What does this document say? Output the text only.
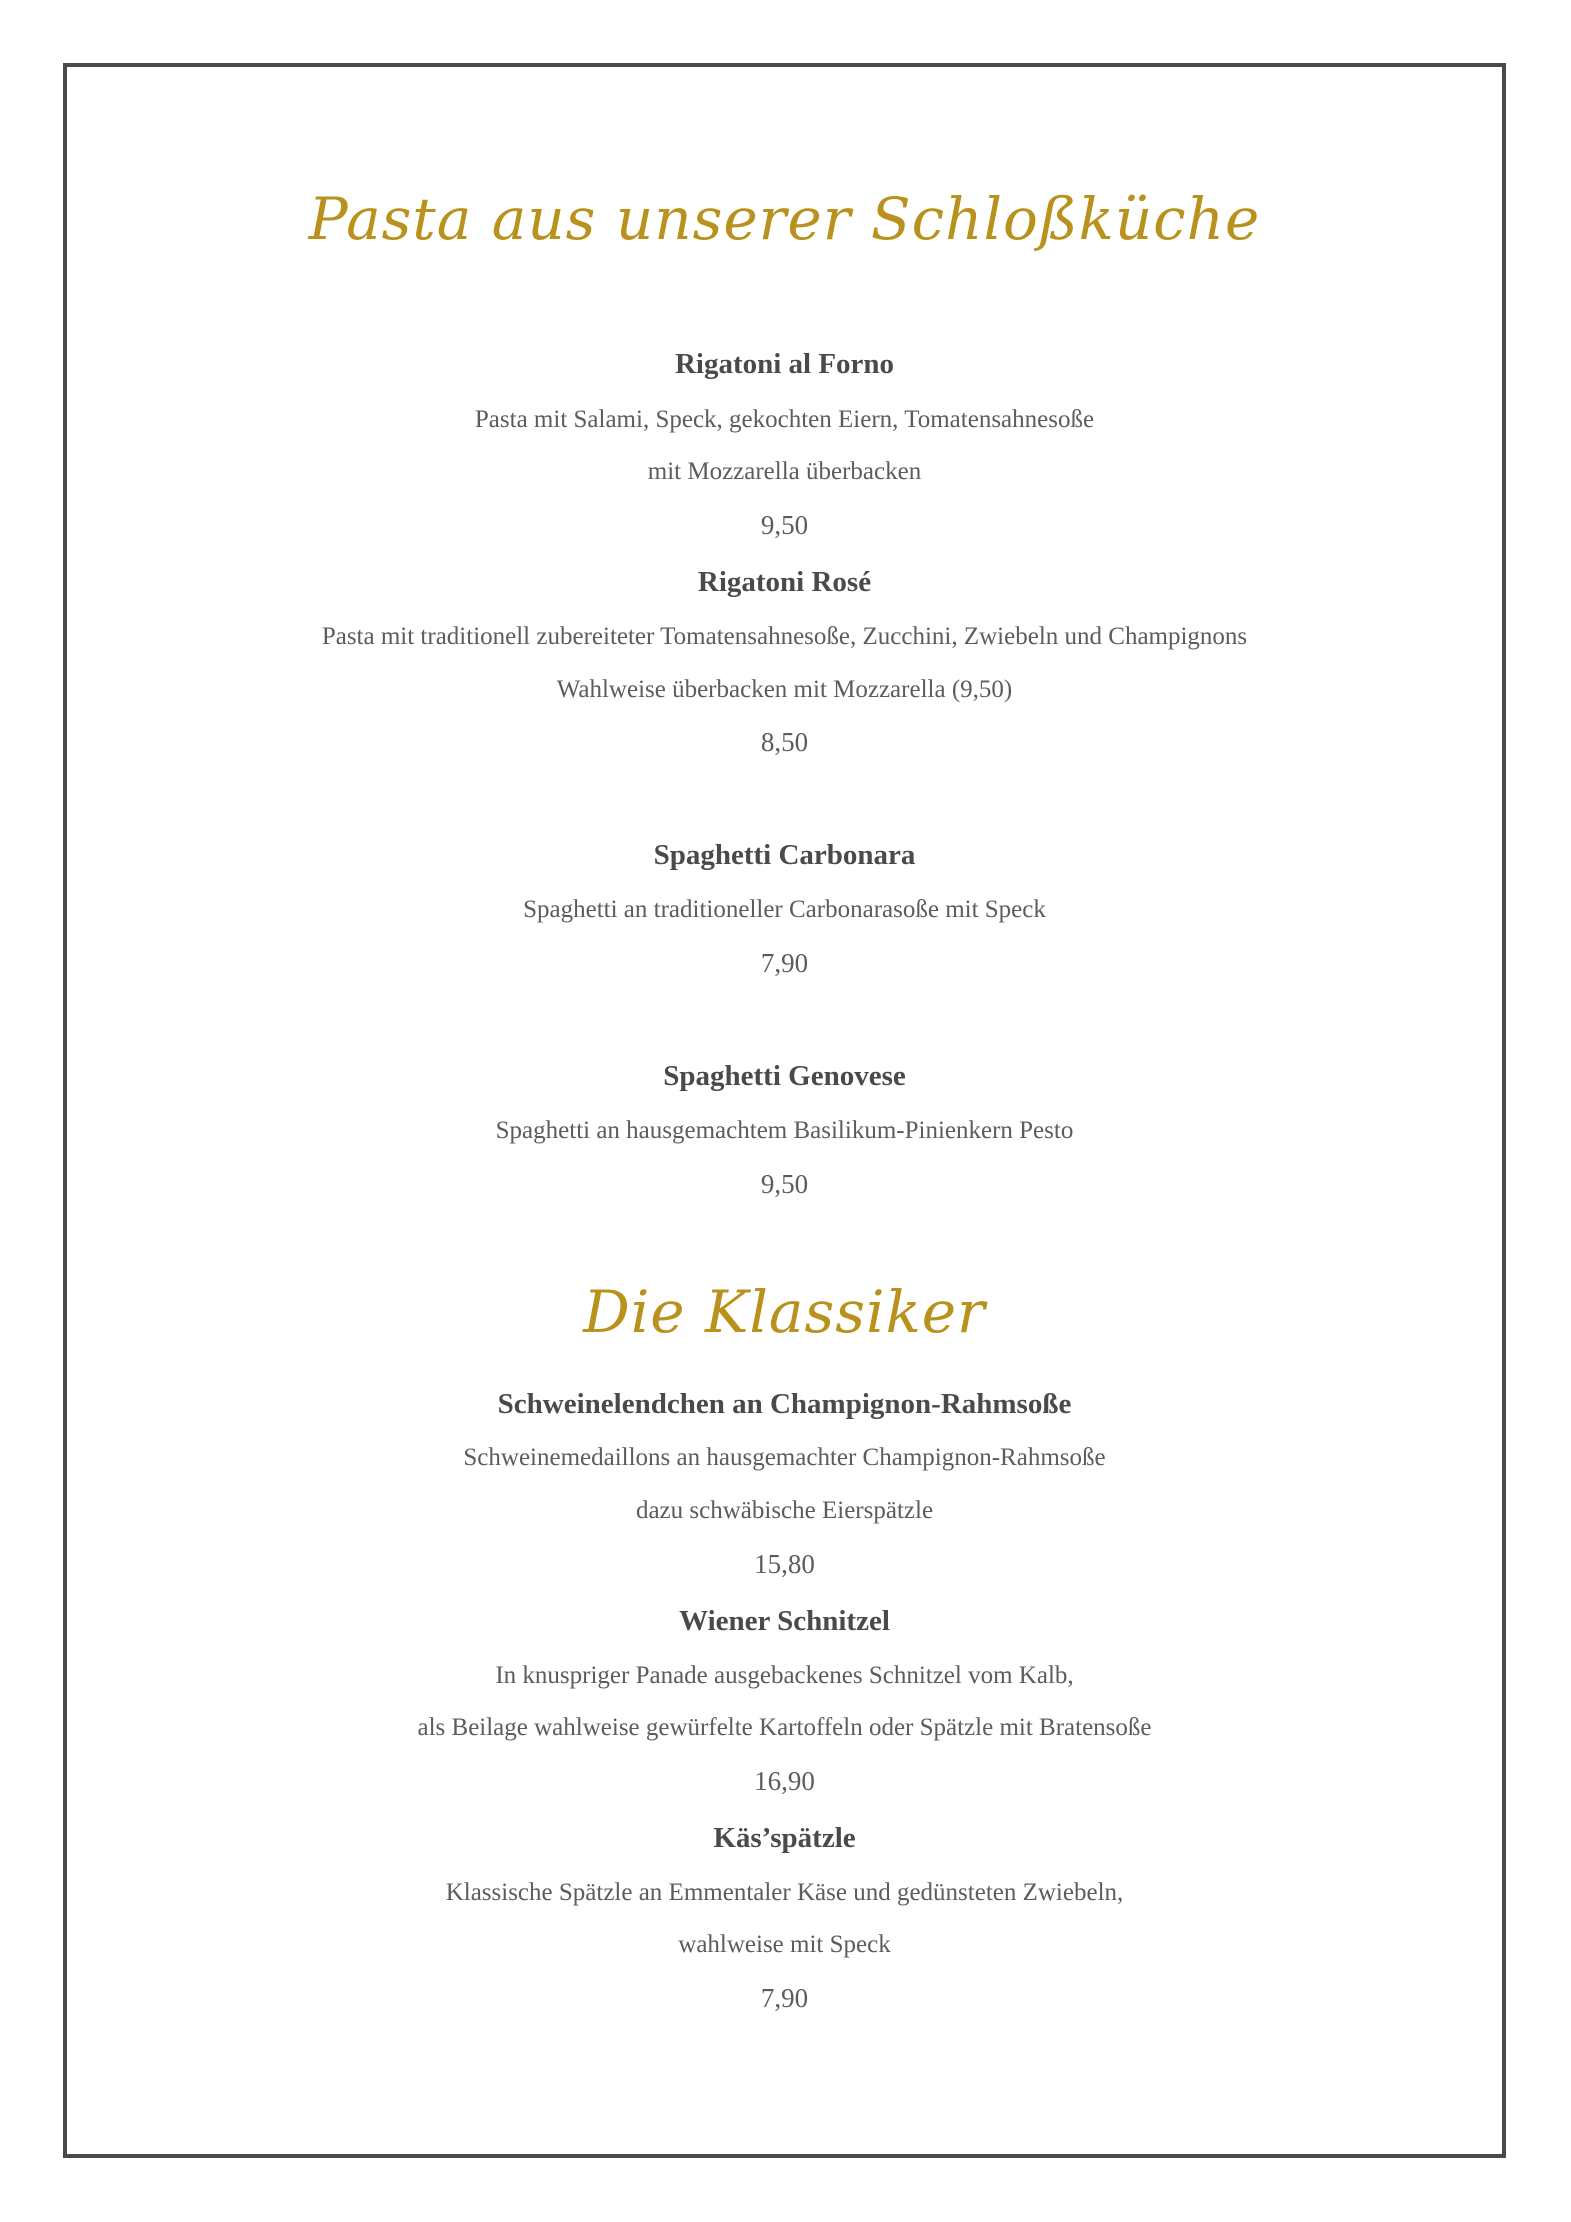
Pasta aus unserer Schloßküche
Rigatoni al Forno
Pasta mit Salami, Speck, gekochten Eiern, Tomatensahnesoße
mit Mozzarella überbacken
9,50
Rigatoni Rosé
Pasta mit traditionell zubereiteter Tomatensahnesoße, Zucchini, Zwiebeln und Champignons
Wahlweise überbacken mit Mozzarella (9,50)
8,50
Spaghetti Carbonara
Spaghetti an traditioneller Carbonarasoße mit Speck
7,90
Spaghetti Genovese
Spaghetti an hausgemachtem Basilikum-Pinienkern Pesto
9,50
Die Klassiker
Schweinelendchen an Champignon-Rahmsoße
Schweinemedaillons an hausgemachter Champignon-Rahmsoße
dazu schwäbische Eierspätzle
15,80
Wiener Schnitzel
In knuspriger Panade ausgebackenes Schnitzel vom Kalb,
als Beilage wahlweise gewürfelte Kartoffeln oder Spätzle mit Bratensoße
16,90
Käs’spätzle
Klassische Spätzle an Emmentaler Käse und gedünsteten Zwiebeln,
wahlweise mit Speck
7,90
